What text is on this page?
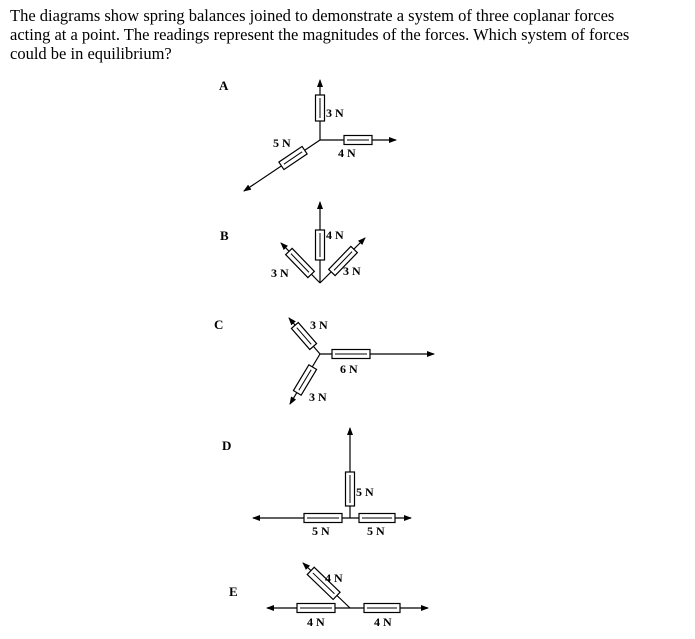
The diagrams show spring balances joined to demonstrate a system of three coplanar forces
acting at a point. The readings represent the magnitudes of the forces. Which system of forces
could be in equilibrium?
A
3 N
5 N
4 N
B	4 N
3 N	3 N
C	3 N
6 N
3 N
D
5 N
5 N	5 N
E
4 N
4 N	4 N
